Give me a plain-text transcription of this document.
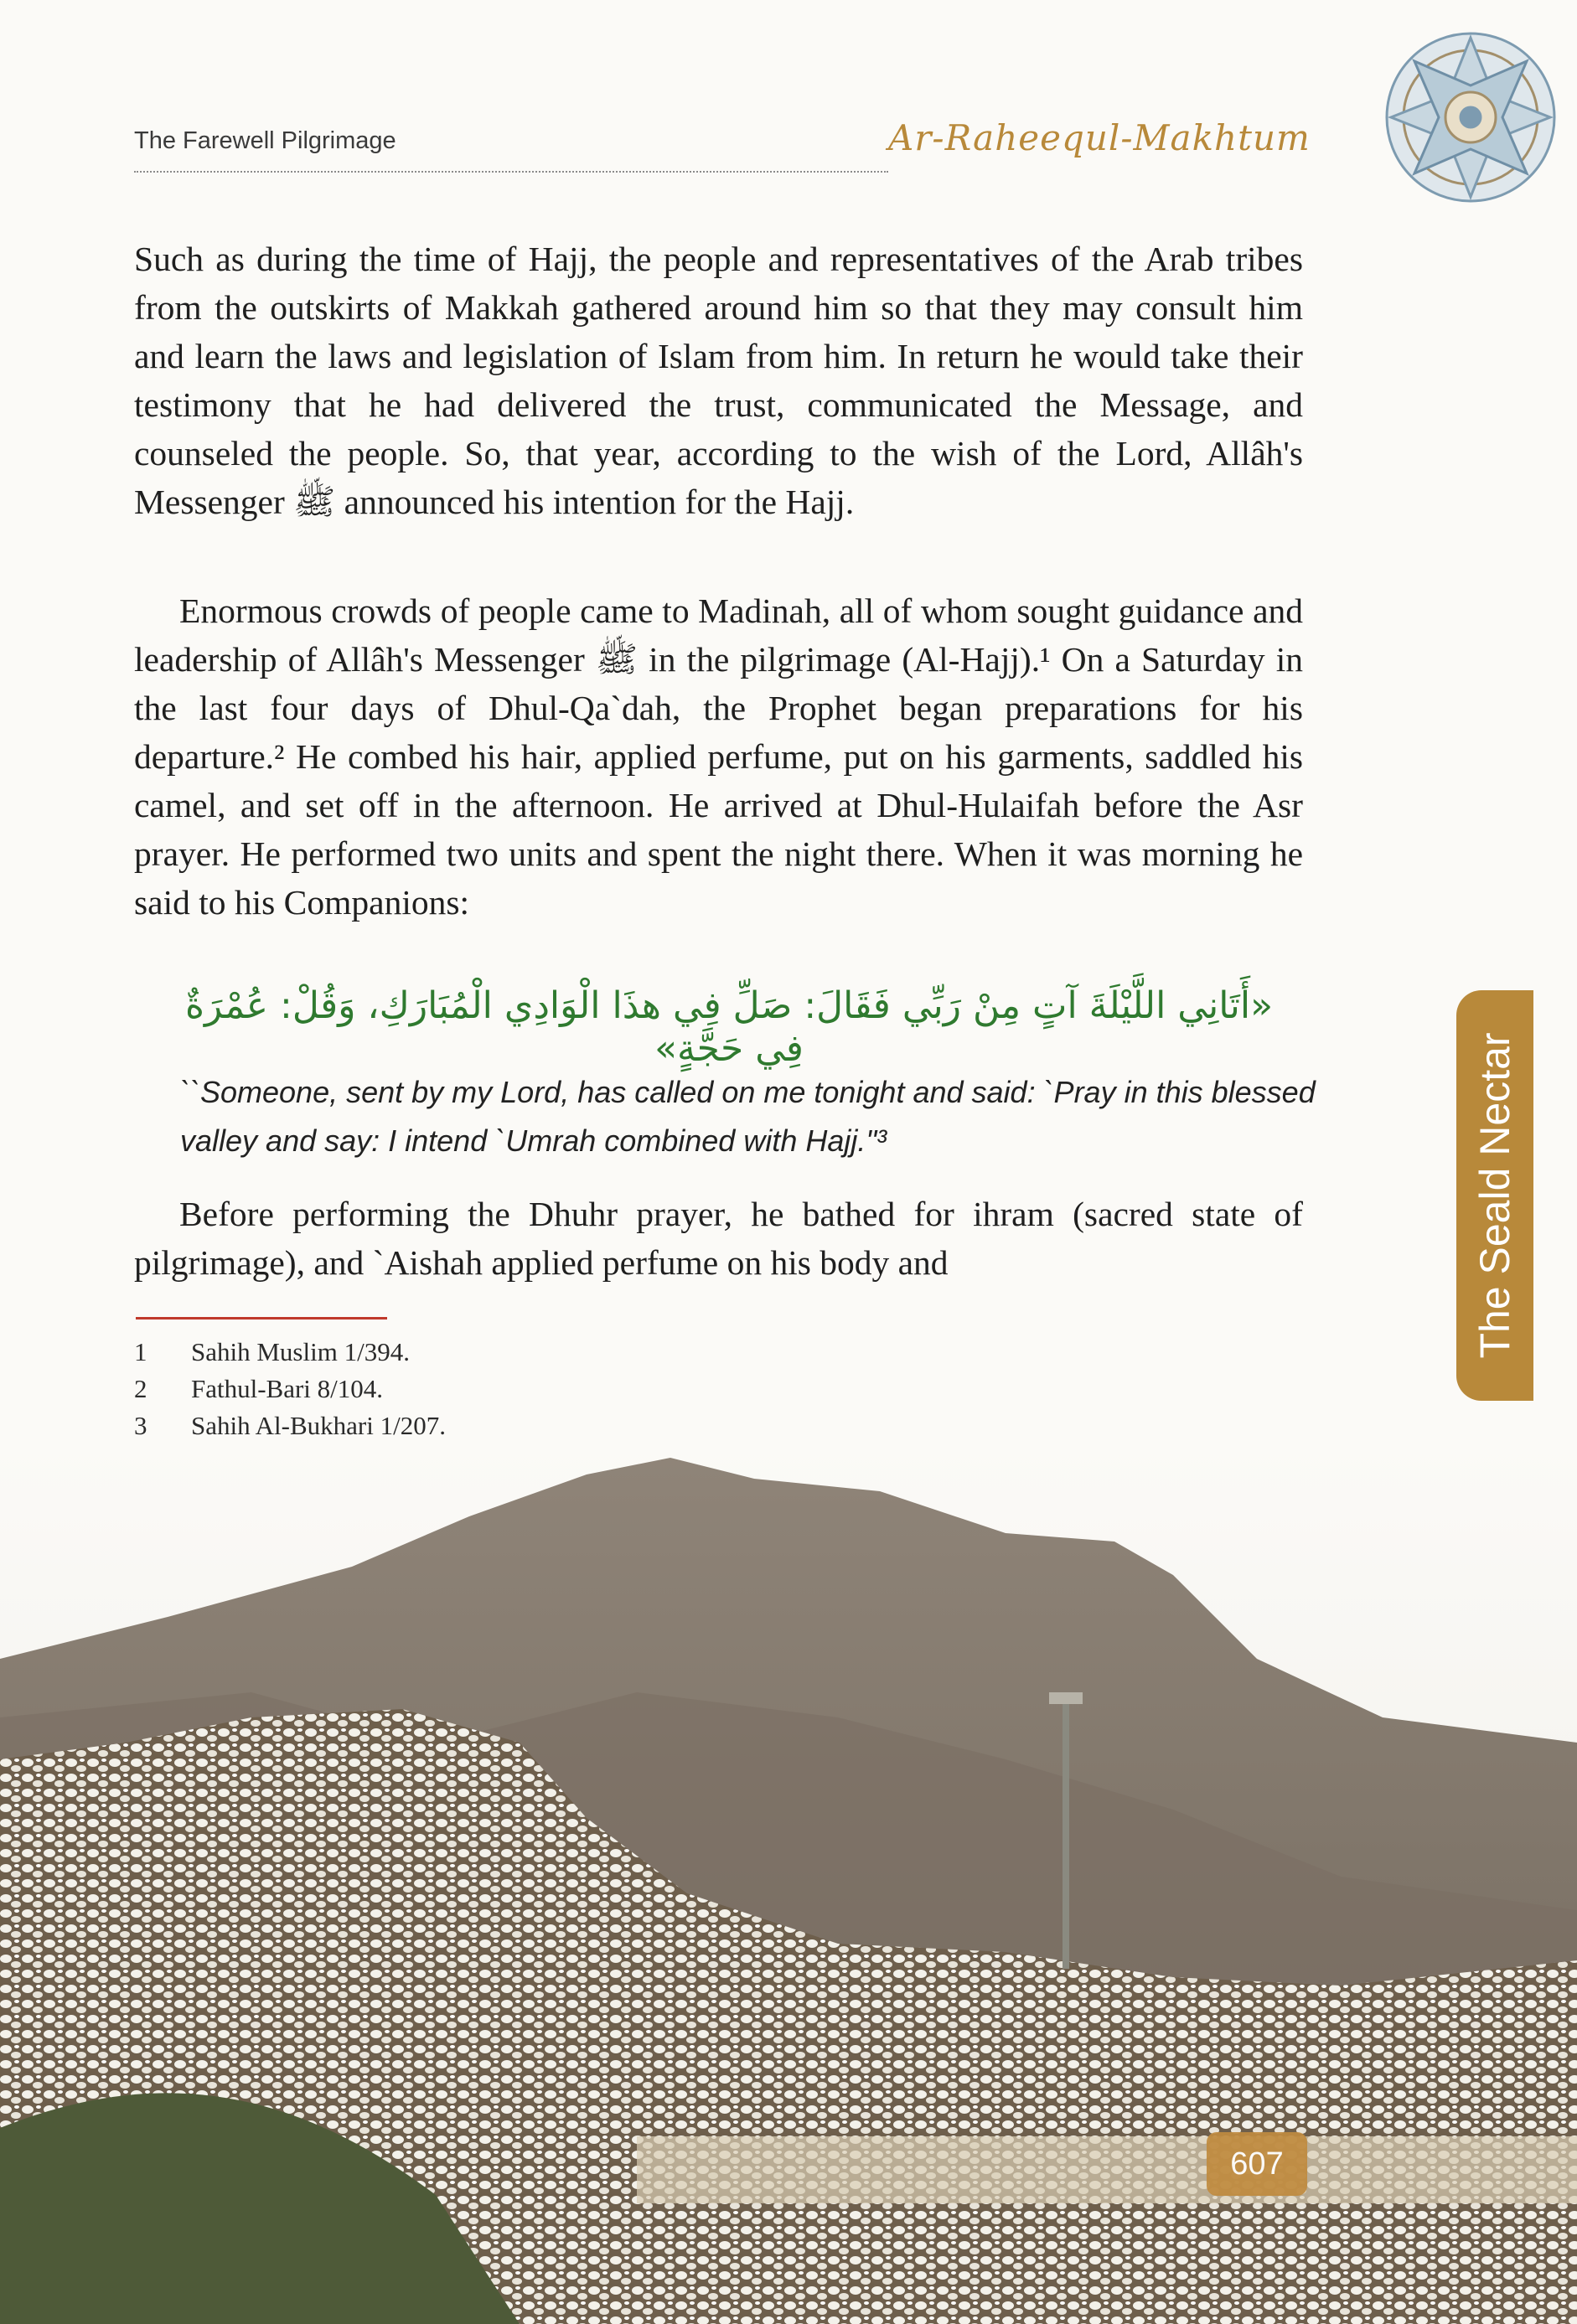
The Farewell Pilgrimage	Ar-Raheequl-Makhtum

Such as during the time of Hajj, the people and representatives of the Arab tribes from the outskirts of Makkah gathered around him so that they may consult him and learn the laws and legislation of Islam from him. In return he would take their testimony that he had delivered the trust, communicated the Message, and counseled the people. So, that year, according to the wish of the Lord, Allâh's Messenger ﷺ announced his intention for the Hajj.

Enormous crowds of people came to Madinah, all of whom sought guidance and leadership of Allâh's Messenger ﷺ in the pilgrimage (Al-Hajj).¹ On a Saturday in the last four days of Dhul-Qa`dah, the Prophet began preparations for his departure.² He combed his hair, applied perfume, put on his garments, saddled his camel, and set off in the afternoon. He arrived at Dhul-Hulaifah before the Asr prayer. He performed two units and spent the night there. When it was morning he said to his Companions:

«أَتَانِي اللَّيْلَةَ آتٍ مِنْ رَبِّي فَقَالَ: صَلِّ فِي هذَا الْوَادِي الْمُبَارَكِ، وَقُلْ: عُمْرَةٌ فِي حَجَّةٍ»
``Someone, sent by my Lord, has called on me tonight and said: `Pray in this blessed valley and say: I intend `Umrah combined with Hajj."³

Before performing the Dhuhr prayer, he bathed for ihram (sacred state of pilgrimage), and `Aishah applied perfume on his body and

1	Sahih Muslim 1/394.
2	Fathul-Bari 8/104.
3	Sahih Al-Bukhari 1/207.
The Seald Nectar
607
